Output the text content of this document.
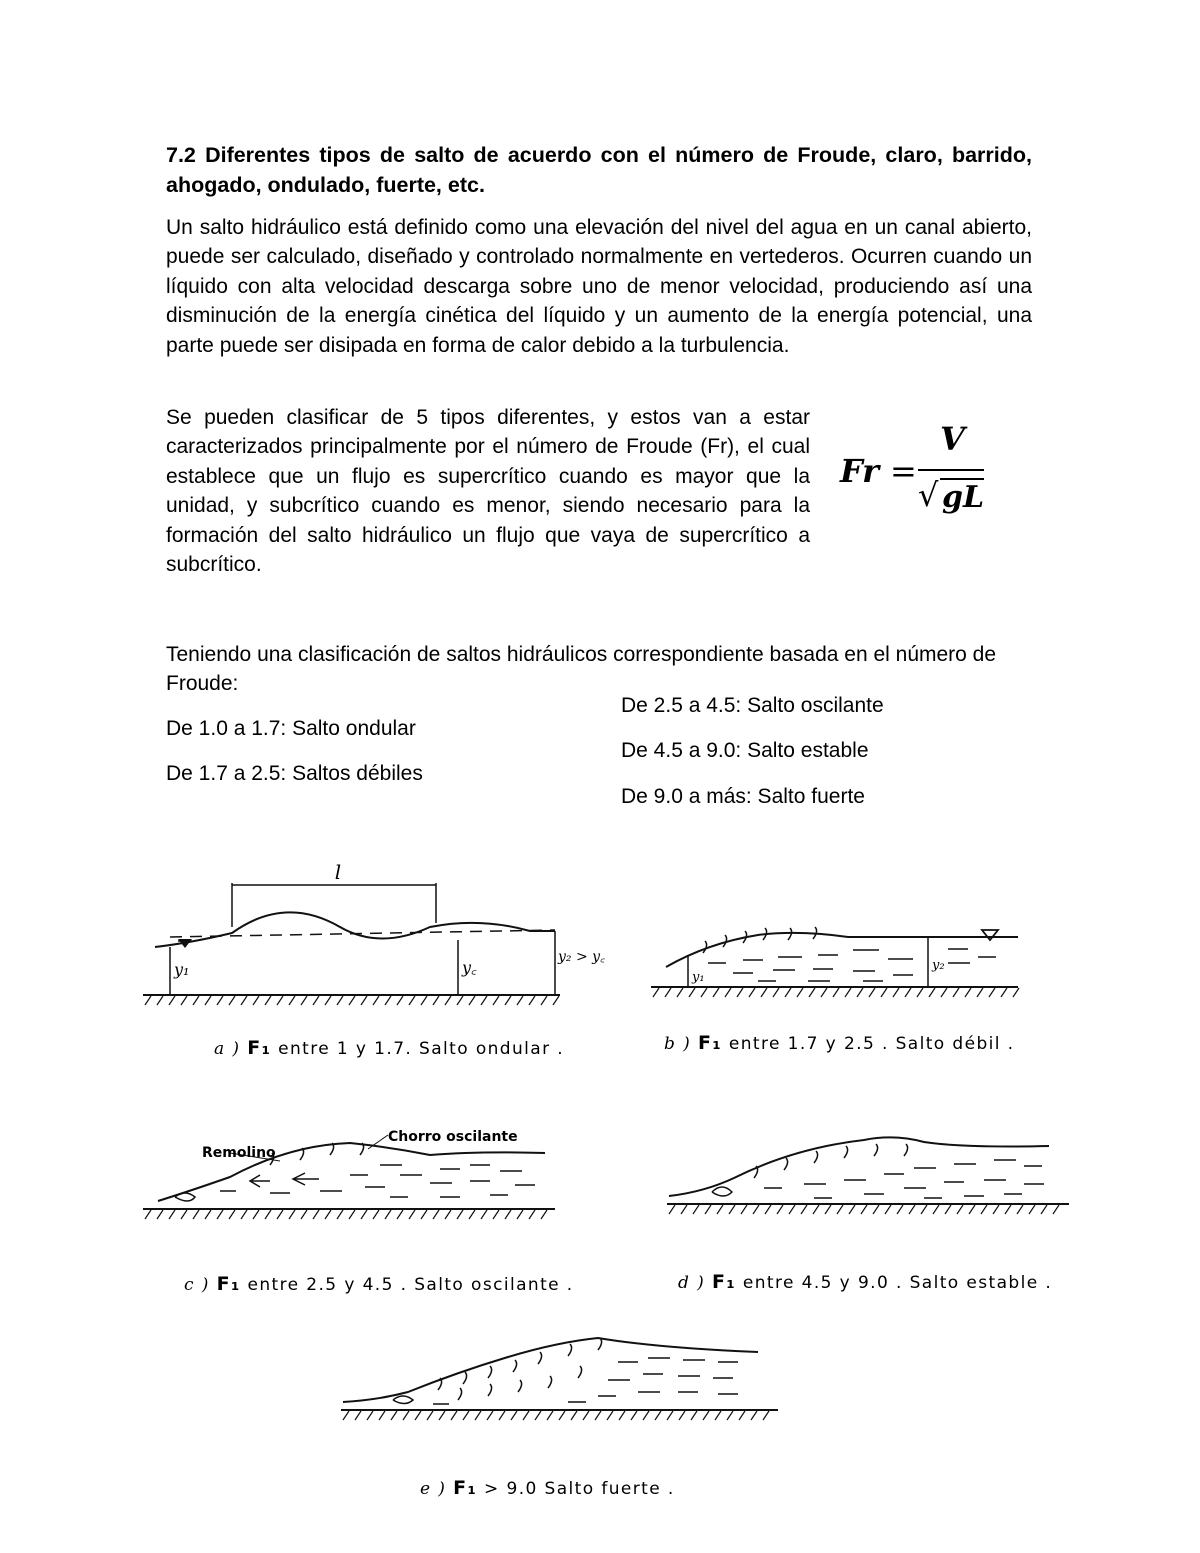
7.2 Diferentes tipos de salto de acuerdo con el número de Froude, claro, barrido, ahogado, ondulado, fuerte, etc.

Un salto hidráulico está definido como una elevación del nivel del agua en un canal abierto, puede ser calculado, diseñado y controlado normalmente en vertederos. Ocurren cuando un líquido con alta velocidad descarga sobre uno de menor velocidad, produciendo así una disminución de la energía cinética del líquido y un aumento de la energía potencial, una parte puede ser disipada en forma de calor debido a la turbulencia.

Se pueden clasificar de 5 tipos diferentes, y estos van a estar caracterizados principalmente por el número de Froude (Fr), el cual establece que un flujo es supercrítico cuando es mayor que la unidad, y subcrítico cuando es menor, siendo necesario para la formación del salto hidráulico un flujo que vaya de supercrítico a subcrítico.

Fr =
V
√ gL

Teniendo una clasificación de saltos hidráulicos correspondiente basada en el número de Froude:

De 1.0 a 1.7: Salto ondular

De 1.7 a 2.5: Saltos débiles

De 2.5 a 4.5: Salto oscilante

De 4.5 a 9.0: Salto estable

De 9.0 a más: Salto fuerte

l
y₁	y꜀
y₂ > y꜀
a ) F₁ entre 1 y 1.7. Salto ondular .
y₁
y₂
b ) F₁ entre 1.7 y 2.5 . Salto débil .
Remolino
Chorro oscilante
c ) F₁ entre 2.5 y 4.5 . Salto oscilante .	d ) F₁ entre 4.5 y 9.0 . Salto estable .
e ) F₁ > 9.0 Salto fuerte .
